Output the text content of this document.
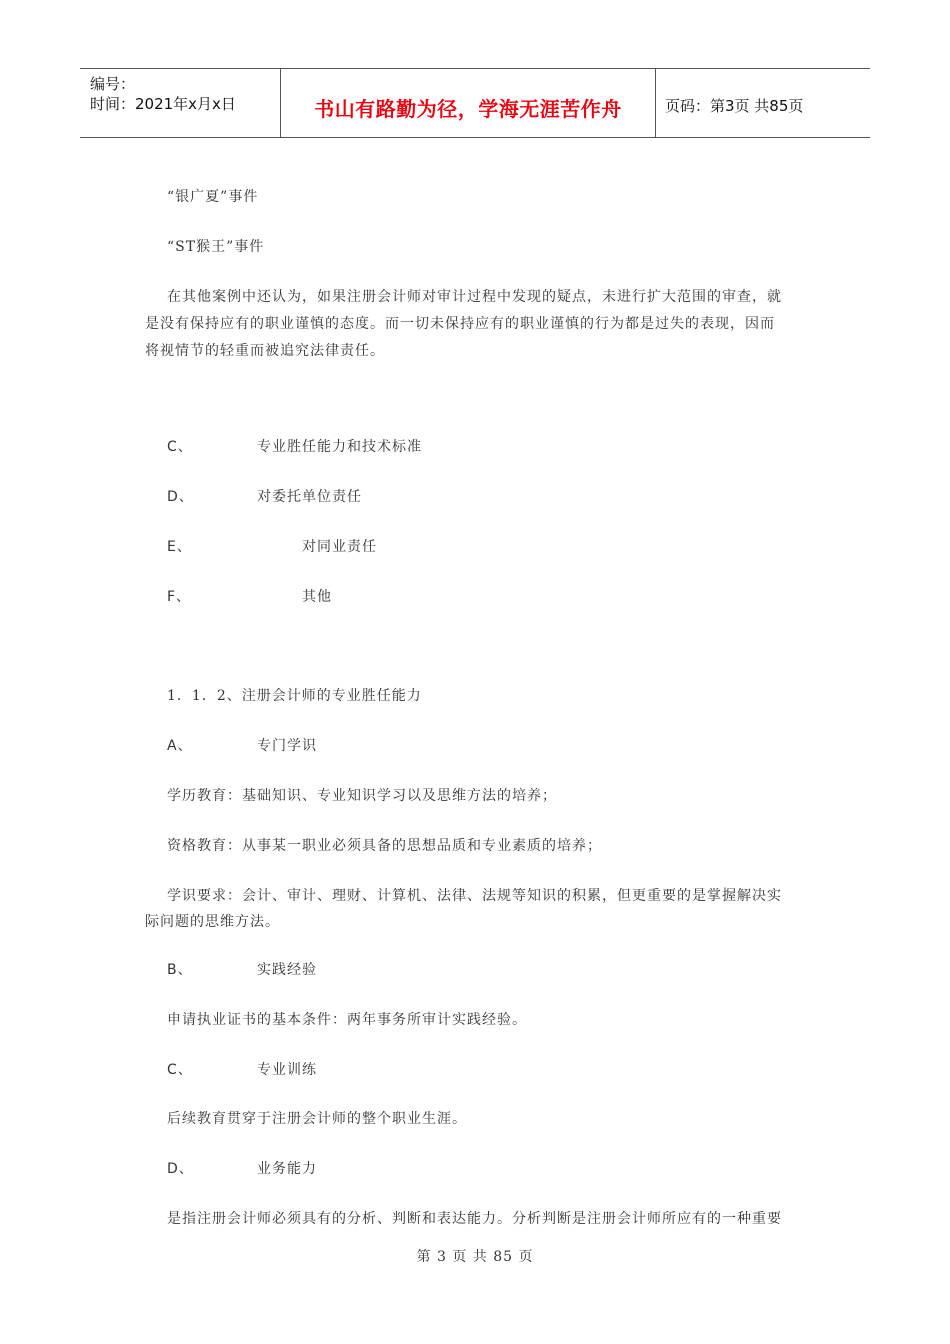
编号：
时间：2021年x月x日	书山有路勤为径，学海无涯苦作舟	页码：第3页 共85页
“银广夏”事件
“ST猴王”事件
在其他案例中还认为，如果注册会计师对审计过程中发现的疑点，未进行扩大范围的审查，就
是没有保持应有的职业谨慎的态度。而一切未保持应有的职业谨慎的行为都是过失的表现，因而
将视情节的轻重而被追究法律责任。
C、	专业胜任能力和技术标准
D、	对委托单位责任
E、	对同业责任
F、	其他
1．1．2、注册会计师的专业胜任能力
A、	专门学识
学历教育：基础知识、专业知识学习以及思维方法的培养；
资格教育：从事某一职业必须具备的思想品质和专业素质的培养；
学识要求：会计、审计、理财、计算机、法律、法规等知识的积累，但更重要的是掌握解决实
际问题的思维方法。
B、	实践经验
申请执业证书的基本条件：两年事务所审计实践经验。
C、	专业训练
后续教育贯穿于注册会计师的整个职业生涯。
D、	业务能力
是指注册会计师必须具有的分析、判断和表达能力。分析判断是注册会计师所应有的一种重要
第 3 页 共 85 页
